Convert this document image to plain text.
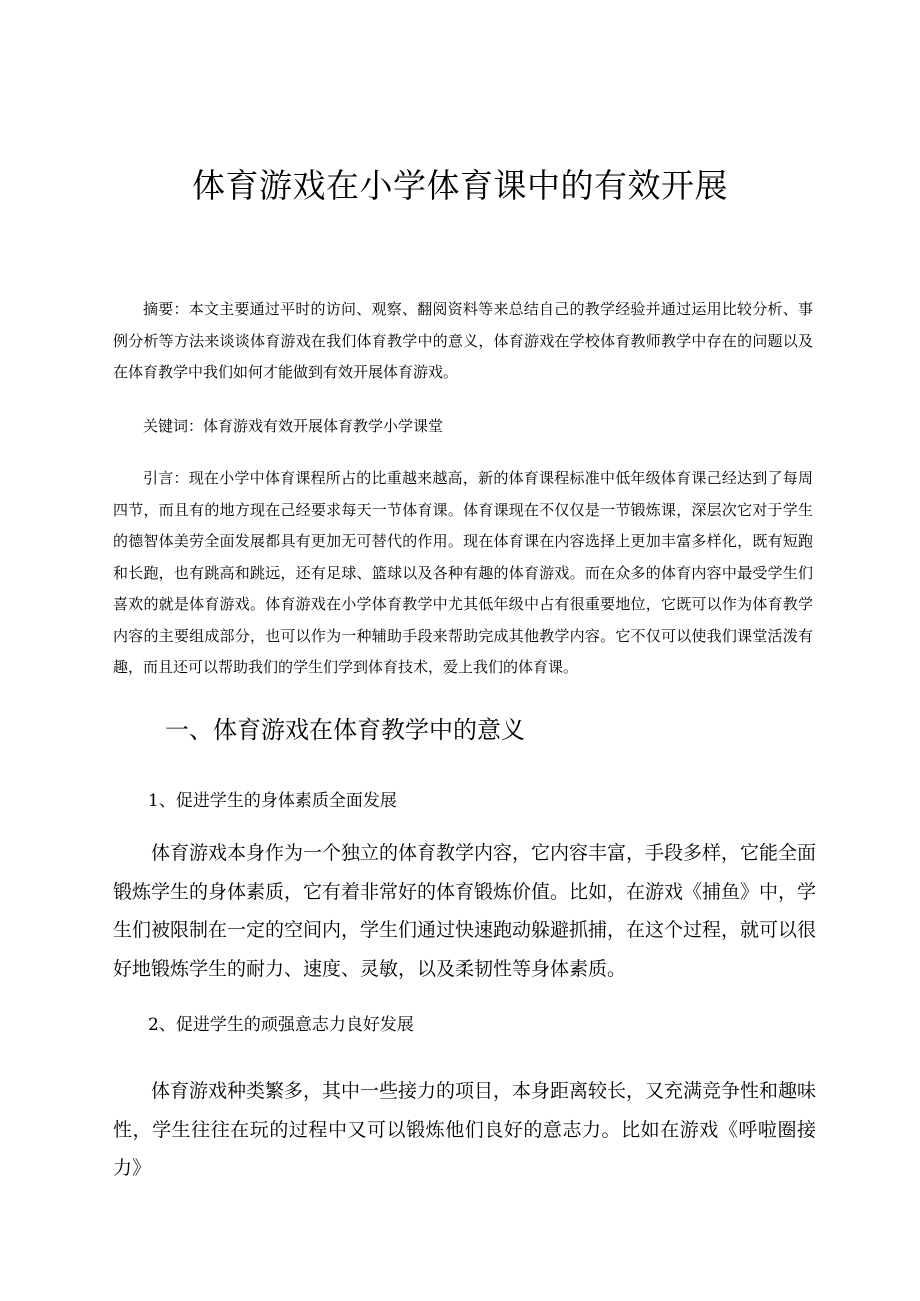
体育游戏在小学体育课中的有效开展

摘要：本文主要通过平时的访问、观察、翻阅资料等来总结自己的教学经验并通过运用比较分析、事例分析等方法来谈谈体育游戏在我们体育教学中的意义，体育游戏在学校体育教师教学中存在的问题以及在体育教学中我们如何才能做到有效开展体育游戏。

关键词：体育游戏有效开展体育教学小学课堂

引言：现在小学中体育课程所占的比重越来越高，新的体育课程标准中低年级体育课己经达到了每周四节，而且有的地方现在己经要求每天一节体育课。体育课现在不仅仅是一节锻炼课，深层次它对于学生的德智体美劳全面发展都具有更加无可替代的作用。现在体育课在内容选择上更加丰富多样化，既有短跑和长跑，也有跳高和跳远，还有足球、篮球以及各种有趣的体育游戏。而在众多的体育内容中最受学生们喜欢的就是体育游戏。体育游戏在小学体育教学中尤其低年级中占有很重要地位，它既可以作为体育教学内容的主要组成部分，也可以作为一种辅助手段来帮助完成其他教学内容。它不仅可以使我们课堂活泼有趣，而且还可以帮助我们的学生们学到体育技术，爱上我们的体育课。

一、体育游戏在体育教学中的意义
1、促进学生的身体素质全面发展

体育游戏本身作为一个独立的体育教学内容，它内容丰富，手段多样，它能全面锻炼学生的身体素质，它有着非常好的体育锻炼价值。比如，在游戏《捕鱼》中，学生们被限制在一定的空间内，学生们通过快速跑动躲避抓捕，在这个过程，就可以很好地锻炼学生的耐力、速度、灵敏，以及柔韧性等身体素质。

2、促进学生的顽强意志力良好发展

体育游戏种类繁多，其中一些接力的项目，本身距离较长，又充满竞争性和趣味性，学生往往在玩的过程中又可以锻炼他们良好的意志力。比如在游戏《呼啦圈接力》
